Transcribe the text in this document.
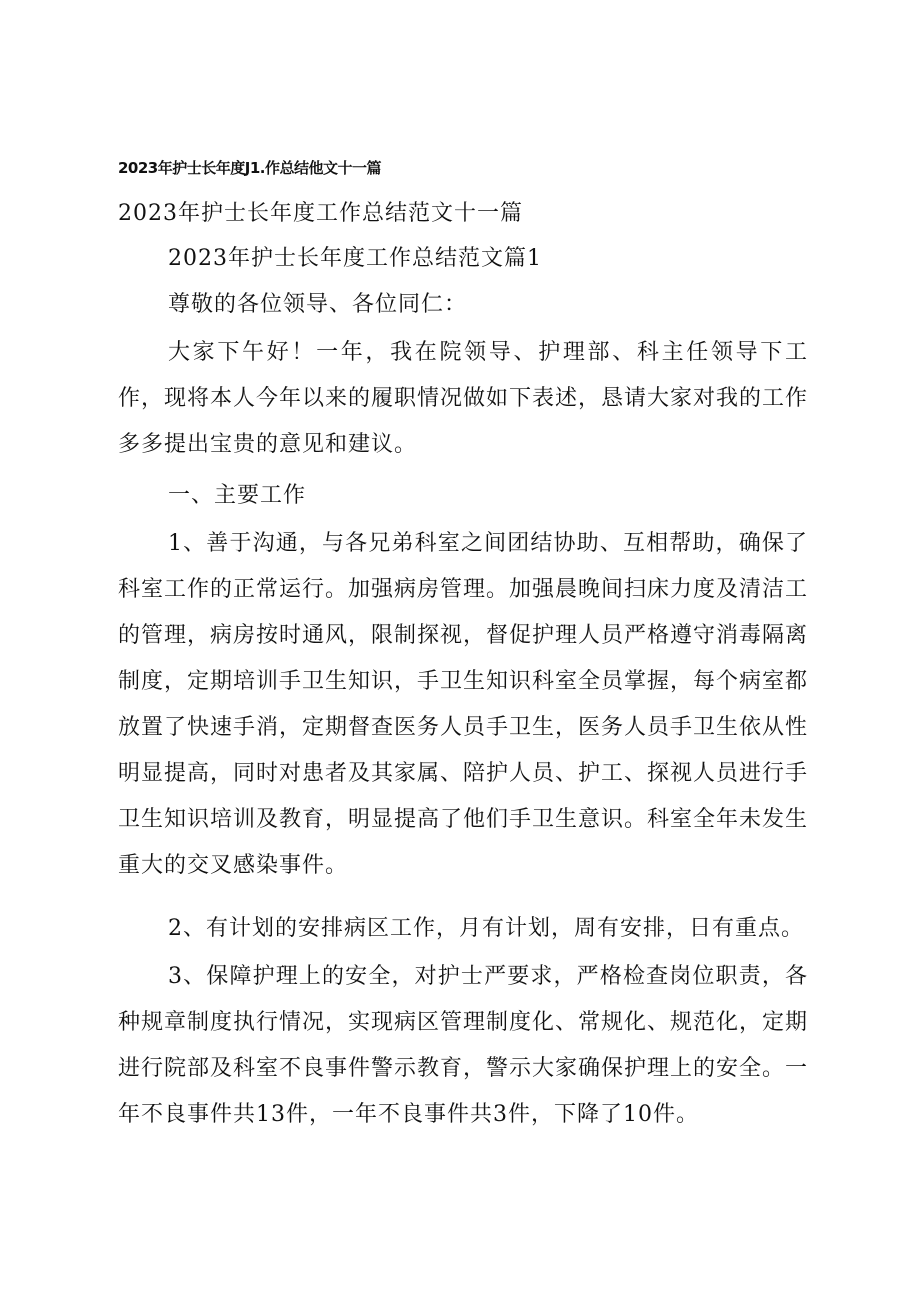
2023年护士长年度J1.作总结他文十一篇
2023年护士长年度工作总结范文十一篇
2023年护士长年度工作总结范文篇1

尊敬的各位领导、各位同仁：

大家下午好！一年，我在院领导、护理部、科主任领导下工作，现将本人今年以来的履职情况做如下表述，恳请大家对我的工作多多提出宝贵的意见和建议。

一、主要工作

1、善于沟通，与各兄弟科室之间团结协助、互相帮助，确保了科室工作的正常运行。加强病房管理。加强晨晚间扫床力度及清洁工的管理，病房按时通风，限制探视，督促护理人员严格遵守消毒隔离制度，定期培训手卫生知识，手卫生知识科室全员掌握，每个病室都放置了快速手消，定期督查医务人员手卫生，医务人员手卫生依从性明显提高，同时对患者及其家属、陪护人员、护工、探视人员进行手卫生知识培训及教育，明显提高了他们手卫生意识。科室全年未发生重大的交叉感染事件。

2、有计划的安排病区工作，月有计划，周有安排，日有重点。

3、保障护理上的安全，对护士严要求，严格检查岗位职责，各种规章制度执行情况，实现病区管理制度化、常规化、规范化，定期进行院部及科室不良事件警示教育，警示大家确保护理上的安全。一年不良事件共13件，一年不良事件共3件，下降了10件。
